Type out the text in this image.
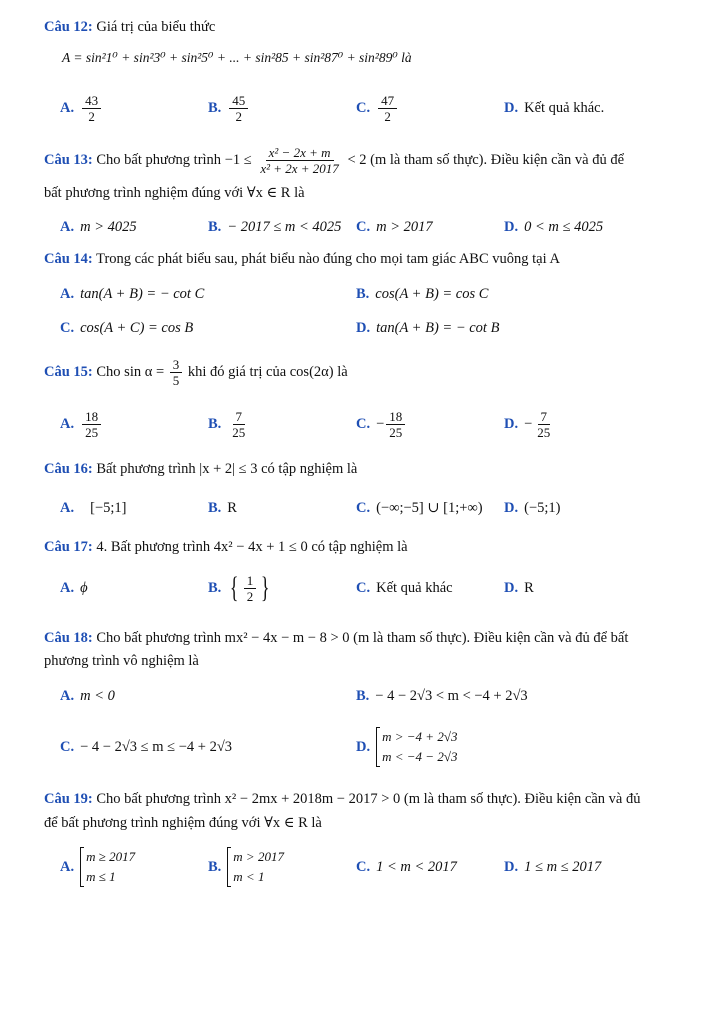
Câu 12: Giá trị của biểu thức
A = sin²1⁰ + sin²3⁰ + sin²5⁰ + ... + sin²85 + sin²87⁰ + sin²89⁰ là
A. $\frac{43}{2}$	B. $\frac{45}{2}$	C. $\frac{47}{2}$	D. Kết quả khác.
Câu 13: Cho bất phương trình $-1 \le \frac{\text{x² − 2x + m}}{\text{x² + 2x + 2017}} < 2$ (m là tham số thực). Điều kiện cần và đủ để
bất phương trình nghiệm đúng với ∀x ∈ R là
A. m > 4025	B. − 2017 ≤ m < 4025 C. m > 2017	D. 0 < m ≤ 4025
Câu 14: Trong các phát biểu sau, phát biểu nào đúng cho mọi tam giác ABC vuông tại A
A. tan(A + B) = − cot C	B. cos(A + B) = cos C
C. cos(A + C) = cos B	D. tan(A + B) = − cot B
Câu 15: Cho $\sin \alpha = \frac{3}{5}$ khi đó giá trị của cos(2α) là
A. $\frac{18}{25}$	B. $\frac{7}{25}$	C. − $\frac{18}{25}$	D. − $\frac{7}{25}$
Câu 16: Bất phương trình |x + 2| ≤ 3 có tập nghiệm là
A. [−5;1]	B. R	C. (−∞;−5] ∪ [1;+∞) D. (−5;1)
Câu 17: 4. Bất phương trình 4x² − 4x + 1 ≤ 0 có tập nghiệm là
A. ϕ	B. { $\frac{1}{2}$ }	C. Kết quả khác	D. R
Câu 18: Cho bất phương trình mx² − 4x − m − 8 > 0 (m là tham số thực). Điều kiện cần và đủ để bất
phương trình vô nghiệm là
A. m < 0	B. − 4 − 2√3 < m < −4 + 2√3
C. − 4 − 2√3 ≤ m ≤ −4 + 2√3	D.
m > −4 + 2√3
m < −4 − 2√3
Câu 19: Cho bất phương trình x² − 2mx + 2018m − 2017 > 0 (m là tham số thực). Điều kiện cần và đủ
để bất phương trình nghiệm đúng với ∀x ∈ R là
A.
m ≥ 2017
m ≤ 1
B.
m > 2017
m < 1
C. 1 < m < 2017	D. 1 ≤ m ≤ 2017
